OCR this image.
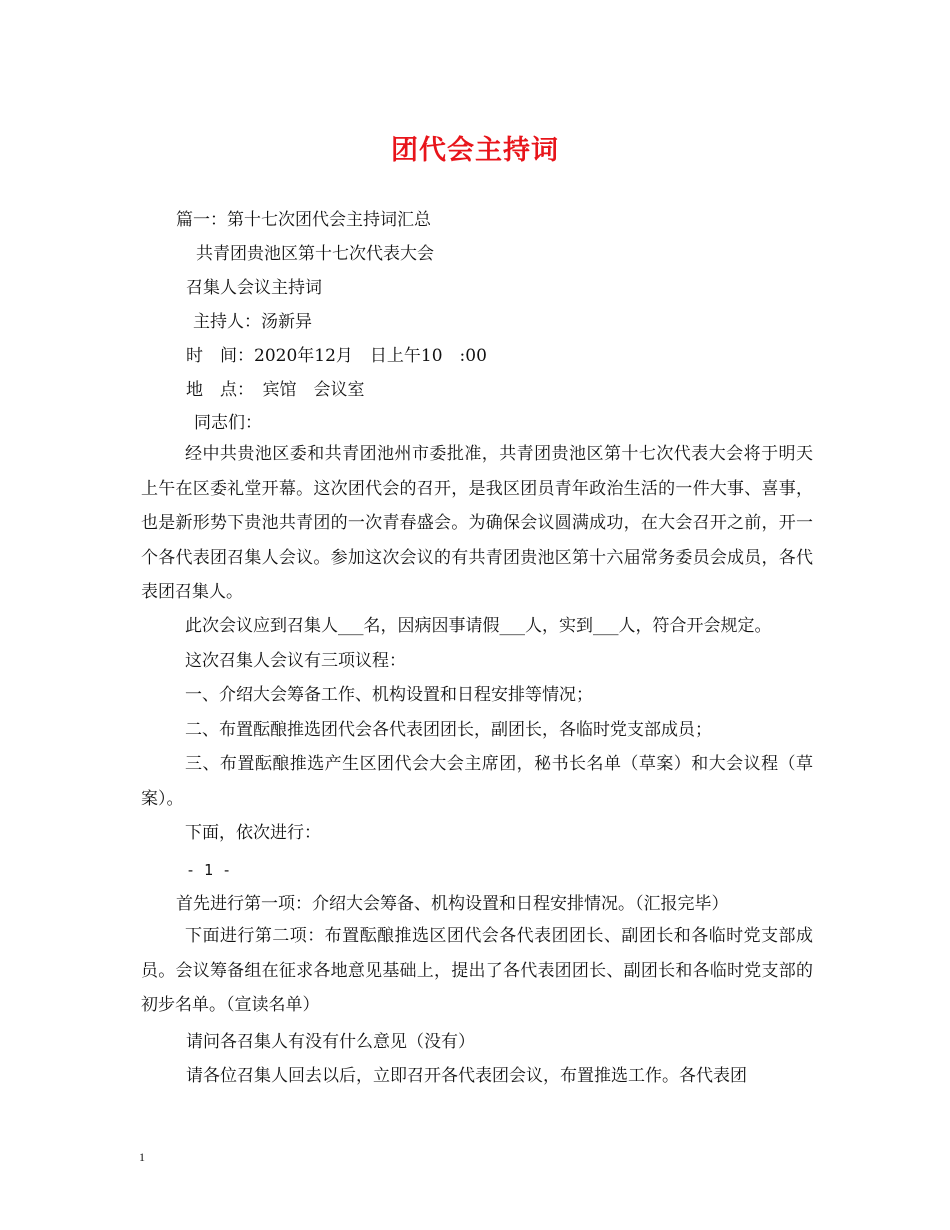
团代会主持词
篇一：第十七次团代会主持词汇总
共青团贵池区第十七次代表大会
召集人会议主持词
主持人：汤新异
时　间：2020年12月　日上午10　:00
地　点：　宾馆　会议室
同志们：
经中共贵池区委和共青团池州市委批准，共青团贵池区第十七次代表大会将于明天上午在区委礼堂开幕。这次团代会的召开，是我区团员青年政治生活的一件大事、喜事，也是新形势下贵池共青团的一次青春盛会。为确保会议圆满成功，在大会召开之前，开一个各代表团召集人会议。参加这次会议的有共青团贵池区第十六届常务委员会成员，各代表团召集人。
此次会议应到召集人___名，因病因事请假___人，实到___人，符合开会规定。
这次召集人会议有三项议程：
一、介绍大会筹备工作、机构设置和日程安排等情况；
二、布置酝酿推选团代会各代表团团长，副团长，各临时党支部成员；
三、布置酝酿推选产生区团代会大会主席团，秘书长名单（草案）和大会议程（草案）。
下面，依次进行：
- 1 -
首先进行第一项：介绍大会筹备、机构设置和日程安排情况。（汇报完毕）
下面进行第二项：布置酝酿推选区团代会各代表团团长、副团长和各临时党支部成员。会议筹备组在征求各地意见基础上，提出了各代表团团长、副团长和各临时党支部的初步名单。（宣读名单）
请问各召集人有没有什么意见（没有）
请各位召集人回去以后，立即召开各代表团会议，布置推选工作。各代表团
1
